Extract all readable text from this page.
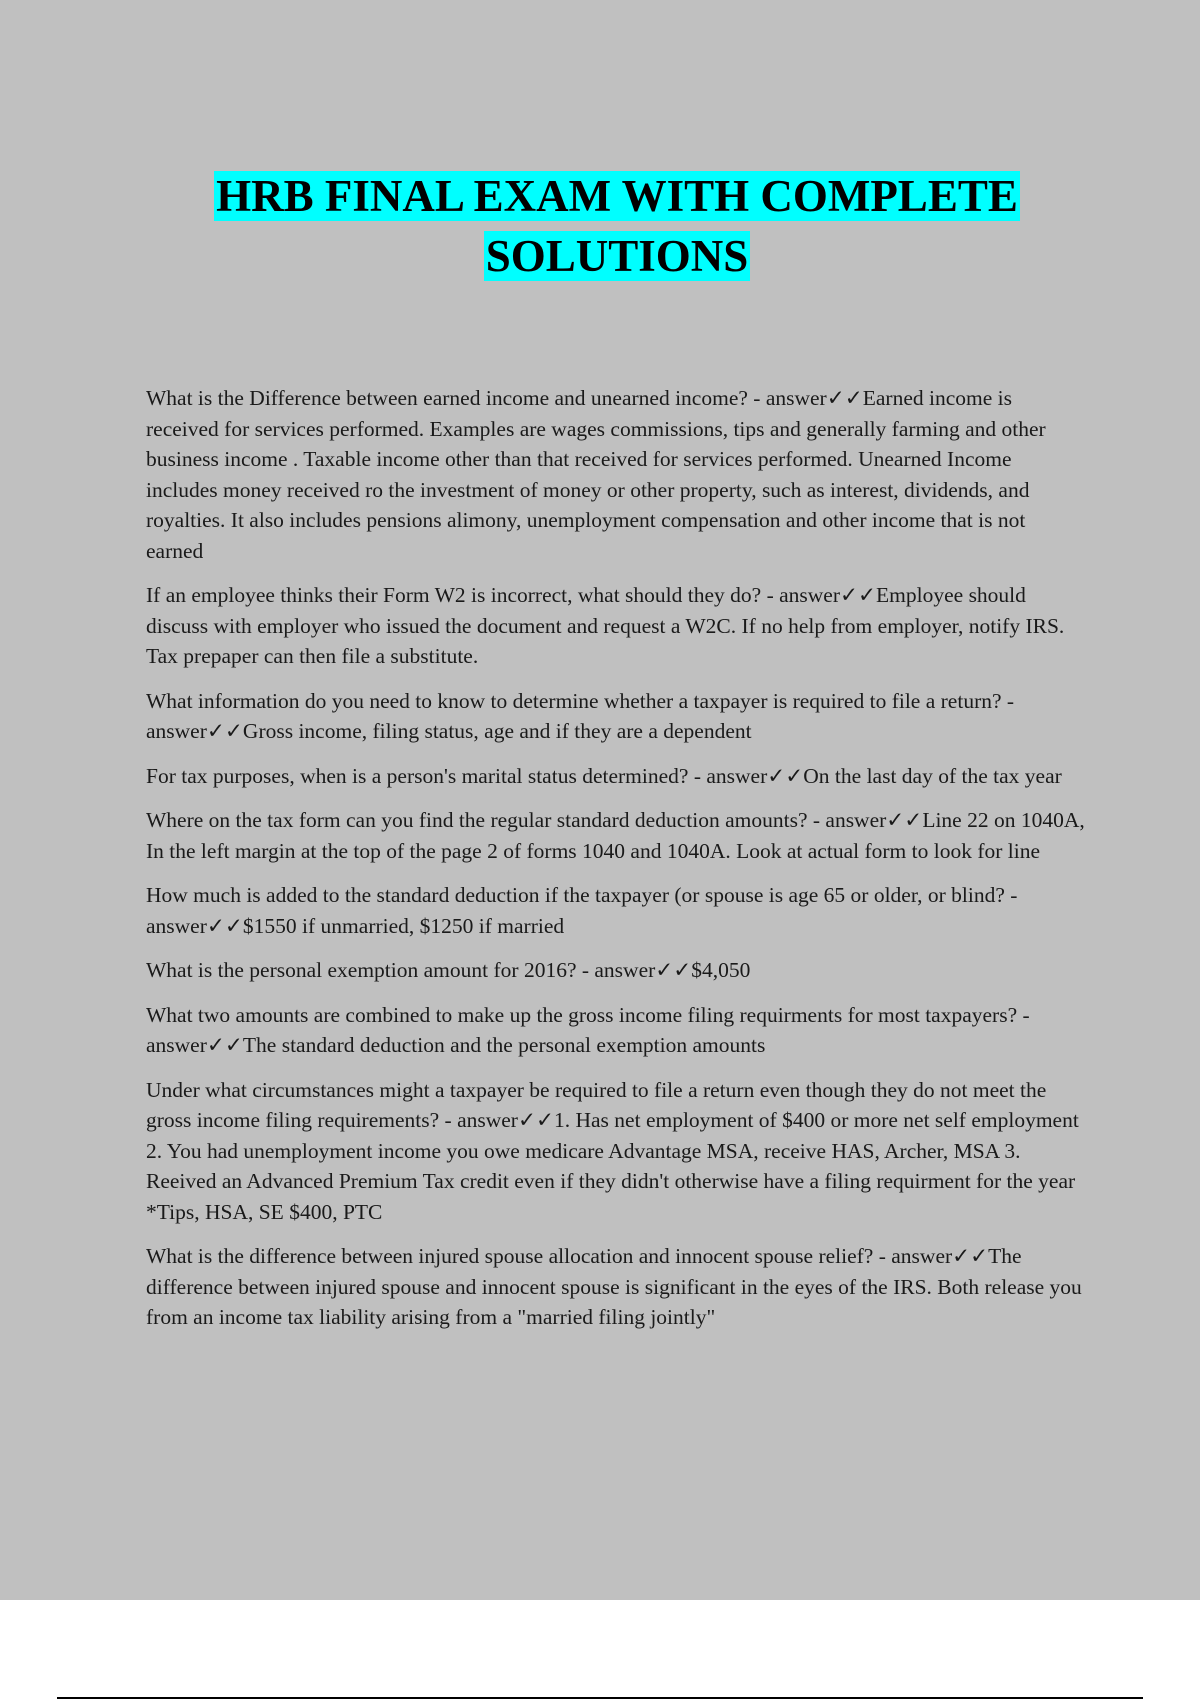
HRB FINAL EXAM WITH COMPLETE
SOLUTIONS

What is the Difference between earned income and unearned income? - answer✓✓Earned income is received for services performed. Examples are wages commissions, tips and generally farming and other business income . Taxable income other than that received for services performed. Unearned Income includes money received ro the investment of money or other property, such as interest, dividends, and royalties. It also includes pensions alimony, unemployment compensation and other income that is not earned

If an employee thinks their Form W2 is incorrect, what should they do? - answer✓✓Employee should discuss with employer who issued the document and request a W2C. If no help from employer, notify IRS. Tax prepaper can then file a substitute.

What information do you need to know to determine whether a taxpayer is required to file a return? - answer✓✓Gross income, filing status, age and if they are a dependent

For tax purposes, when is a person's marital status determined? - answer✓✓On the last day of the tax year

Where on the tax form can you find the regular standard deduction amounts? - answer✓✓Line 22 on 1040A, In the left margin at the top of the page 2 of forms 1040 and 1040A. Look at actual form to look for line

How much is added to the standard deduction if the taxpayer (or spouse is age 65 or older, or blind? - answer✓✓$1550 if unmarried, $1250 if married

What is the personal exemption amount for 2016? - answer✓✓$4,050

What two amounts are combined to make up the gross income filing requirments for most taxpayers? - answer✓✓The standard deduction and the personal exemption amounts

Under what circumstances might a taxpayer be required to file a return even though they do not meet the gross income filing requirements? - answer✓✓1. Has net employment of $400 or more net self employment 2. You had unemployment income you owe medicare Advantage MSA, receive HAS, Archer, MSA 3. Reeived an Advanced Premium Tax credit even if they didn't otherwise have a filing requirment for the year *Tips, HSA, SE $400, PTC

What is the difference between injured spouse allocation and innocent spouse relief? - answer✓✓The difference between injured spouse and innocent spouse is significant in the eyes of the IRS. Both release you from an income tax liability arising from a "married filing jointly"
